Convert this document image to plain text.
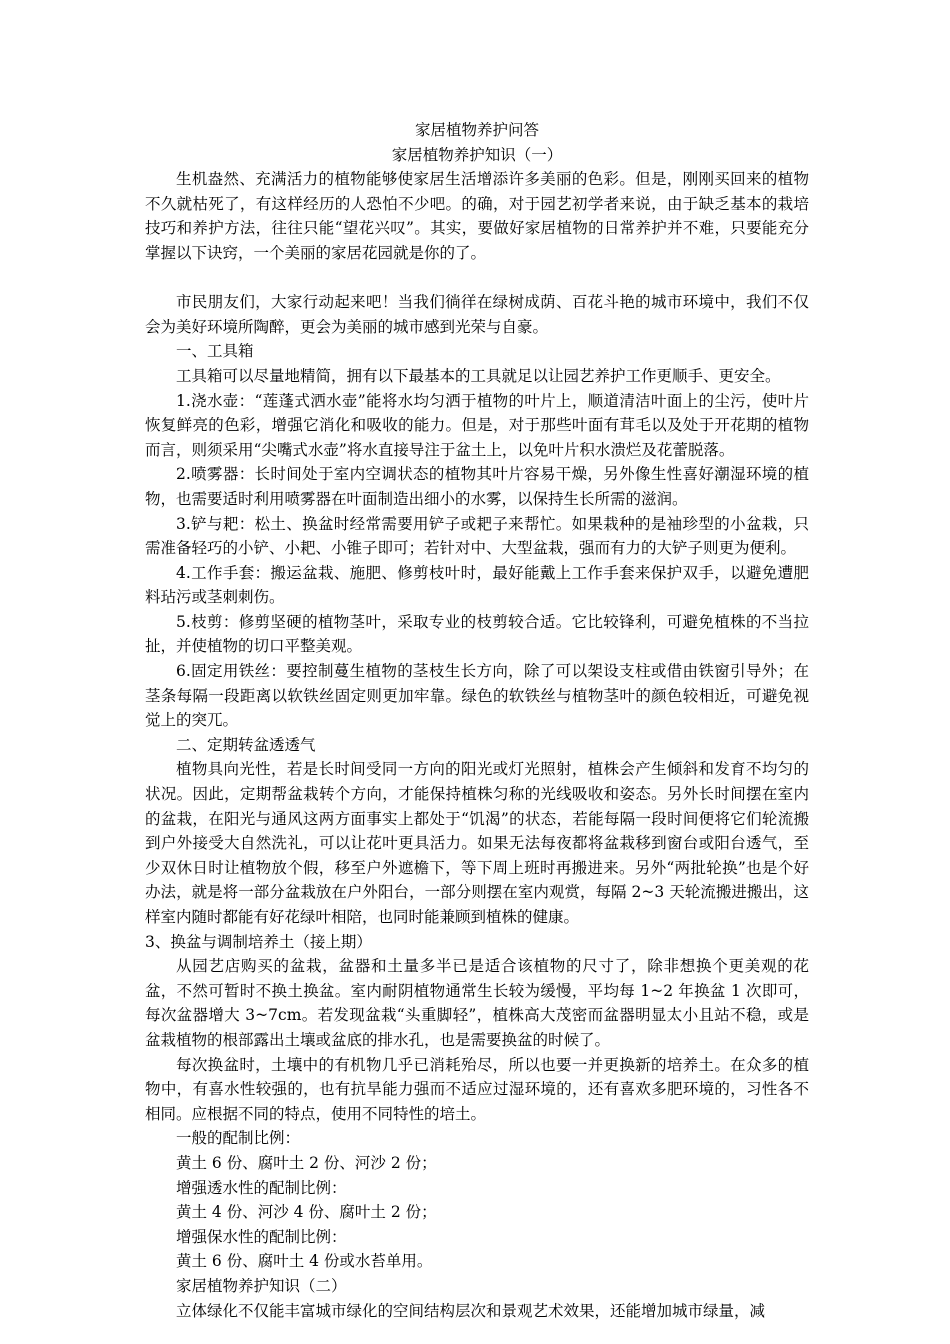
家居植物养护问答

家居植物养护知识（一）

生机盎然、充满活力的植物能够使家居生活增添许多美丽的色彩。但是，刚刚买回来的植物不久就枯死了，有这样经历的人恐怕不少吧。的确，对于园艺初学者来说，由于缺乏基本的栽培技巧和养护方法，往往只能“望花兴叹”。其实，要做好家居植物的日常养护并不难，只要能充分掌握以下诀窍，一个美丽的家居花园就是你的了。

市民朋友们，大家行动起来吧！当我们徜徉在绿树成荫、百花斗艳的城市环境中，我们不仅会为美好环境所陶醉，更会为美丽的城市感到光荣与自豪。

一、工具箱

工具箱可以尽量地精简，拥有以下最基本的工具就足以让园艺养护工作更顺手、更安全。

1.浇水壶：“莲蓬式洒水壶”能将水均匀洒于植物的叶片上，顺道清洁叶面上的尘污，使叶片恢复鲜亮的色彩，增强它消化和吸收的能力。但是，对于那些叶面有茸毛以及处于开花期的植物而言，则须采用“尖嘴式水壶”将水直接导注于盆土上，以免叶片积水溃烂及花蕾脱落。

2.喷雾器：长时间处于室内空调状态的植物其叶片容易干燥，另外像生性喜好潮湿环境的植物，也需要适时利用喷雾器在叶面制造出细小的水雾，以保持生长所需的滋润。

3.铲与耙：松土、换盆时经常需要用铲子或耙子来帮忙。如果栽种的是袖珍型的小盆栽，只需准备轻巧的小铲、小耙、小锥子即可；若针对中、大型盆栽，强而有力的大铲子则更为便利。

4.工作手套：搬运盆栽、施肥、修剪枝叶时，最好能戴上工作手套来保护双手，以避免遭肥料玷污或茎刺刺伤。

5.枝剪：修剪坚硬的植物茎叶，采取专业的枝剪较合适。它比较锋利，可避免植株的不当拉扯，并使植物的切口平整美观。

6.固定用铁丝：要控制蔓生植物的茎枝生长方向，除了可以架设支柱或借由铁窗引导外；在茎条每隔一段距离以软铁丝固定则更加牢靠。绿色的软铁丝与植物茎叶的颜色较相近，可避免视觉上的突兀。

二、定期转盆透透气

植物具向光性，若是长时间受同一方向的阳光或灯光照射，植株会产生倾斜和发育不均匀的状况。因此，定期帮盆栽转个方向，才能保持植株匀称的光线吸收和姿态。另外长时间摆在室内的盆栽，在阳光与通风这两方面事实上都处于“饥渴”的状态，若能每隔一段时间便将它们轮流搬到户外接受大自然洗礼，可以让花叶更具活力。如果无法每夜都将盆栽移到窗台或阳台透气，至少双休日时让植物放个假，移至户外遮檐下，等下周上班时再搬进来。另外“两批轮换”也是个好办法，就是将一部分盆栽放在户外阳台，一部分则摆在室内观赏，每隔 2~3 天轮流搬进搬出，这样室内随时都能有好花绿叶相陪，也同时能兼顾到植株的健康。

3、换盆与调制培养土（接上期）

从园艺店购买的盆栽，盆器和土量多半已是适合该植物的尺寸了，除非想换个更美观的花盆，不然可暂时不换土换盆。室内耐阴植物通常生长较为缓慢，平均每 1~2 年换盆 1 次即可，每次盆器增大 3~7cm。若发现盆栽“头重脚轻”，植株高大茂密而盆器明显太小且站不稳，或是盆栽植物的根部露出土壤或盆底的排水孔，也是需要换盆的时候了。

每次换盆时，土壤中的有机物几乎已消耗殆尽，所以也要一并更换新的培养土。在众多的植物中，有喜水性较强的，也有抗旱能力强而不适应过湿环境的，还有喜欢多肥环境的，习性各不相同。应根据不同的特点，使用不同特性的培土。

一般的配制比例：

黄土 6 份、腐叶土 2 份、河沙 2 份；

增强透水性的配制比例：

黄土 4 份、河沙 4 份、腐叶土 2 份；

增强保水性的配制比例：

黄土 6 份、腐叶土 4 份或水苔单用。

家居植物养护知识（二）

立体绿化不仅能丰富城市绿化的空间结构层次和景观艺术效果，还能增加城市绿量，减
